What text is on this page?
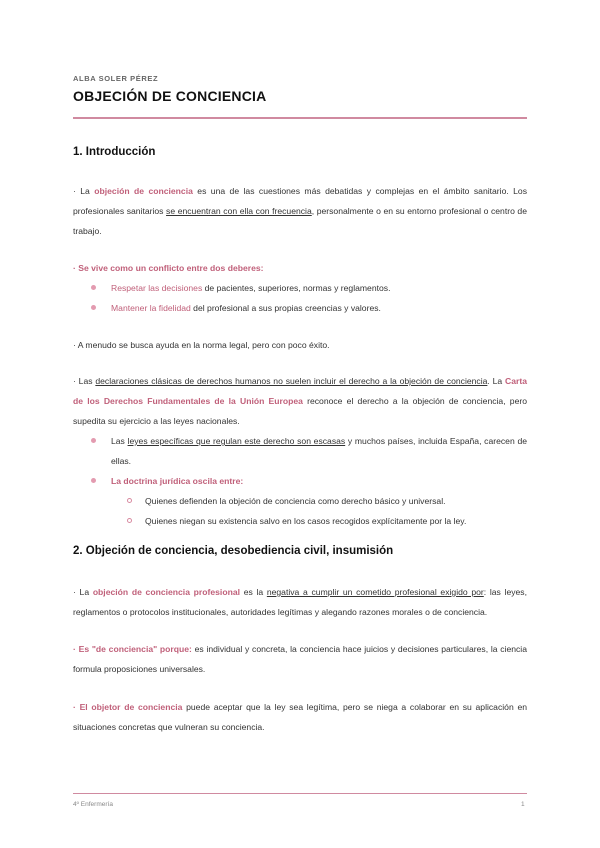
ALBA SOLER PÉREZ
OBJECIÓN DE CONCIENCIA
1. Introducción

· La objeción de conciencia es una de las cuestiones más debatidas y complejas en el ámbito sanitario. Los profesionales sanitarios se encuentran con ella con frecuencia, personalmente o en su entorno profesional o centro de trabajo.

· Se vive como un conflicto entre dos deberes:

Respetar las decisiones de pacientes, superiores, normas y reglamentos.
Mantener la fidelidad del profesional a sus propias creencias y valores.

· A menudo se busca ayuda en la norma legal, pero con poco éxito.

· Las declaraciones clásicas de derechos humanos no suelen incluir el derecho a la objeción de conciencia. La Carta de los Derechos Fundamentales de la Unión Europea reconoce el derecho a la objeción de conciencia, pero supedita su ejercicio a las leyes nacionales.

Las leyes específicas que regulan este derecho son escasas y muchos países, incluida España, carecen de ellas.
La doctrina jurídica oscila entre:
Quienes defienden la objeción de conciencia como derecho básico y universal.
Quienes niegan su existencia salvo en los casos recogidos explícitamente por la ley.
2. Objeción de conciencia, desobediencia civil, insumisión

· La objeción de conciencia profesional es la negativa a cumplir un cometido profesional exigido por: las leyes, reglamentos o protocolos institucionales, autoridades legítimas y alegando razones morales o de conciencia.

· Es "de conciencia" porque: es individual y concreta, la conciencia hace juicios y decisiones particulares, la ciencia formula proposiciones universales.

· El objetor de conciencia puede aceptar que la ley sea legítima, pero se niega a colaborar en su aplicación en situaciones concretas que vulneran su conciencia.

4º Enfermería	1
